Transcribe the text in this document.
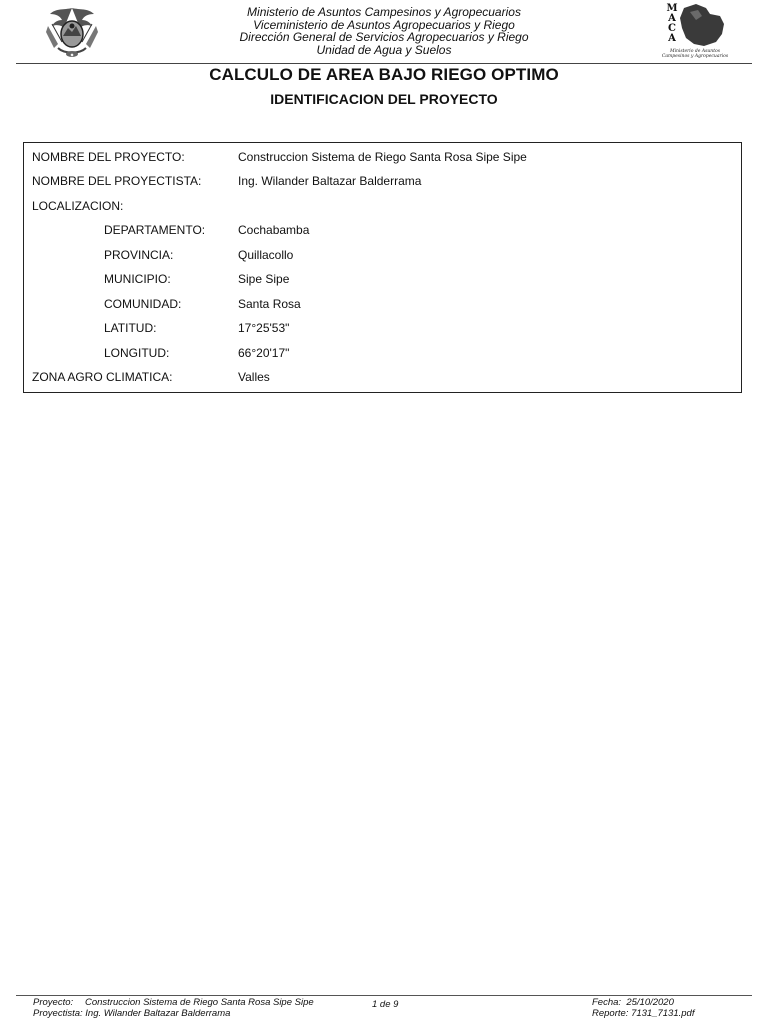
◆
Ministerio de Asuntos Campesinos y Agropecuarios
Viceministerio de Asuntos Agropecuarios y Riego
Dirección General de Servicios Agropecuarios y Riego
Unidad de Agua y Suelos
M
A
C
A
Ministerio de Asuntos
Campesinos y Agropecuarios
CALCULO DE AREA BAJO RIEGO OPTIMO
IDENTIFICACION DEL PROYECTO
NOMBRE DEL PROYECTO:	Construccion Sistema de Riego Santa Rosa Sipe Sipe
NOMBRE DEL PROYECTISTA:	Ing. Wilander Baltazar Balderrama
LOCALIZACION:
DEPARTAMENTO:	Cochabamba
PROVINCIA:	Quillacollo
MUNICIPIO:	Sipe Sipe
COMUNIDAD:	Santa Rosa
LATITUD:	17°25'53"
LONGITUD:	66°20'17"
ZONA AGRO CLIMATICA:	Valles
Proyecto: Construccion Sistema de Riego Santa Rosa Sipe Sipe
Proyectista: Ing. Wilander Baltazar Balderrama
1 de 9	Fecha: 25/10/2020
Reporte: 7131_7131.pdf
